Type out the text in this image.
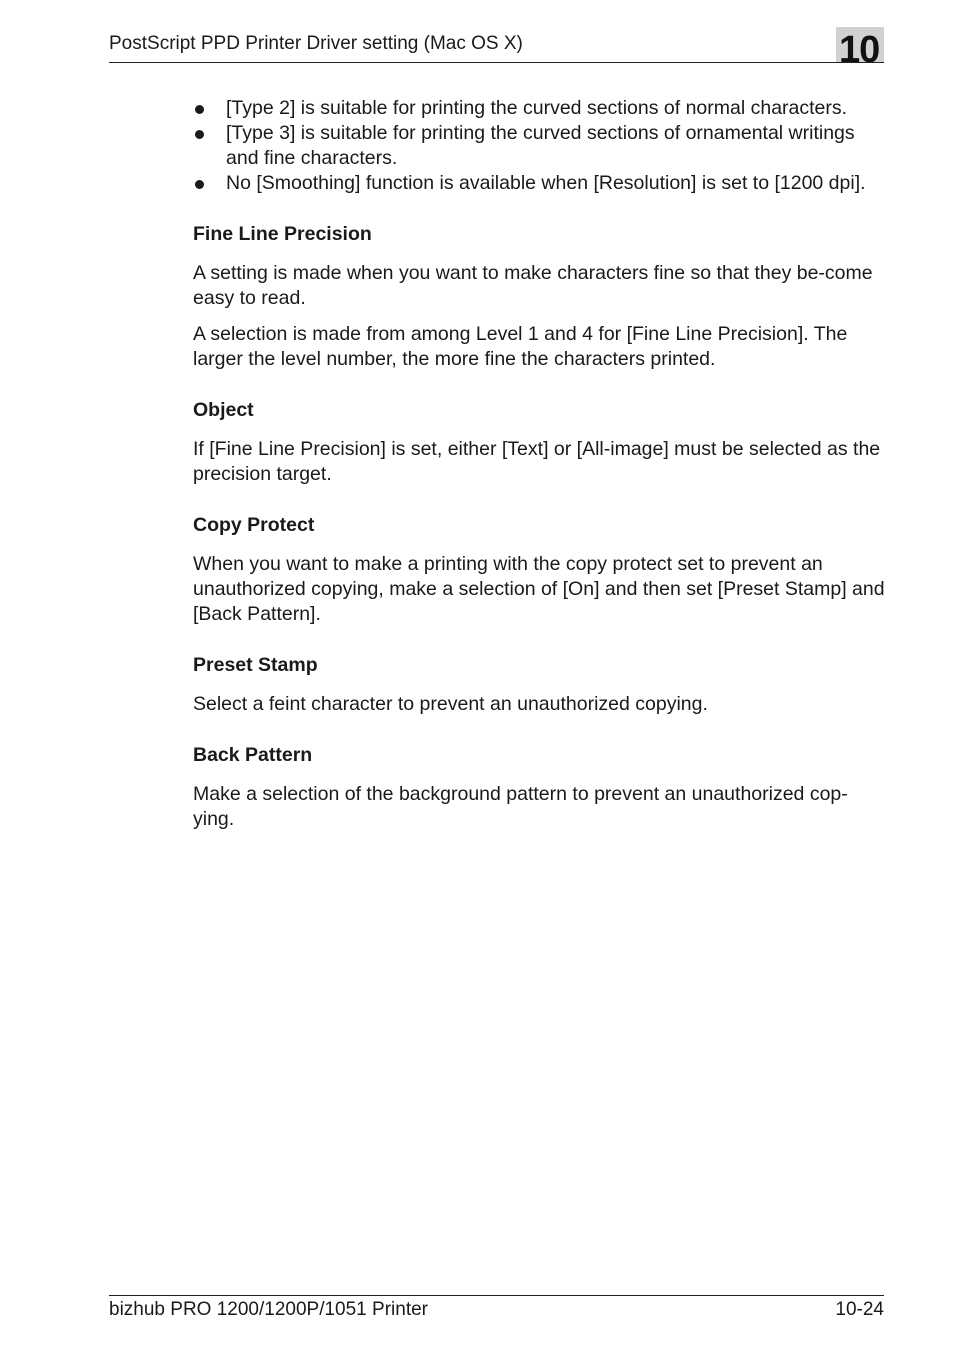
PostScript PPD Printer Driver setting (Mac OS X)	10
[Type 2] is suitable for printing the curved sections of normal characters.
[Type 3] is suitable for printing the curved sections of ornamental writings and fine characters.
No [Smoothing] function is available when [Resolution] is set to [1200 dpi].
Fine Line Precision

A setting is made when you want to make characters fine so that they be-come easy to read.

A selection is made from among Level 1 and 4 for [Fine Line Precision]. The larger the level number, the more fine the characters printed.

Object

If [Fine Line Precision] is set, either [Text] or [All-image] must be selected as the precision target.

Copy Protect

When you want to make a printing with the copy protect set to prevent an unauthorized copying, make a selection of [On] and then set [Preset Stamp] and [Back Pattern].

Preset Stamp

Select a feint character to prevent an unauthorized copying.

Back Pattern

Make a selection of the background pattern to prevent an unauthorized cop-ying.

bizhub PRO 1200/1200P/1051 Printer	10-24
